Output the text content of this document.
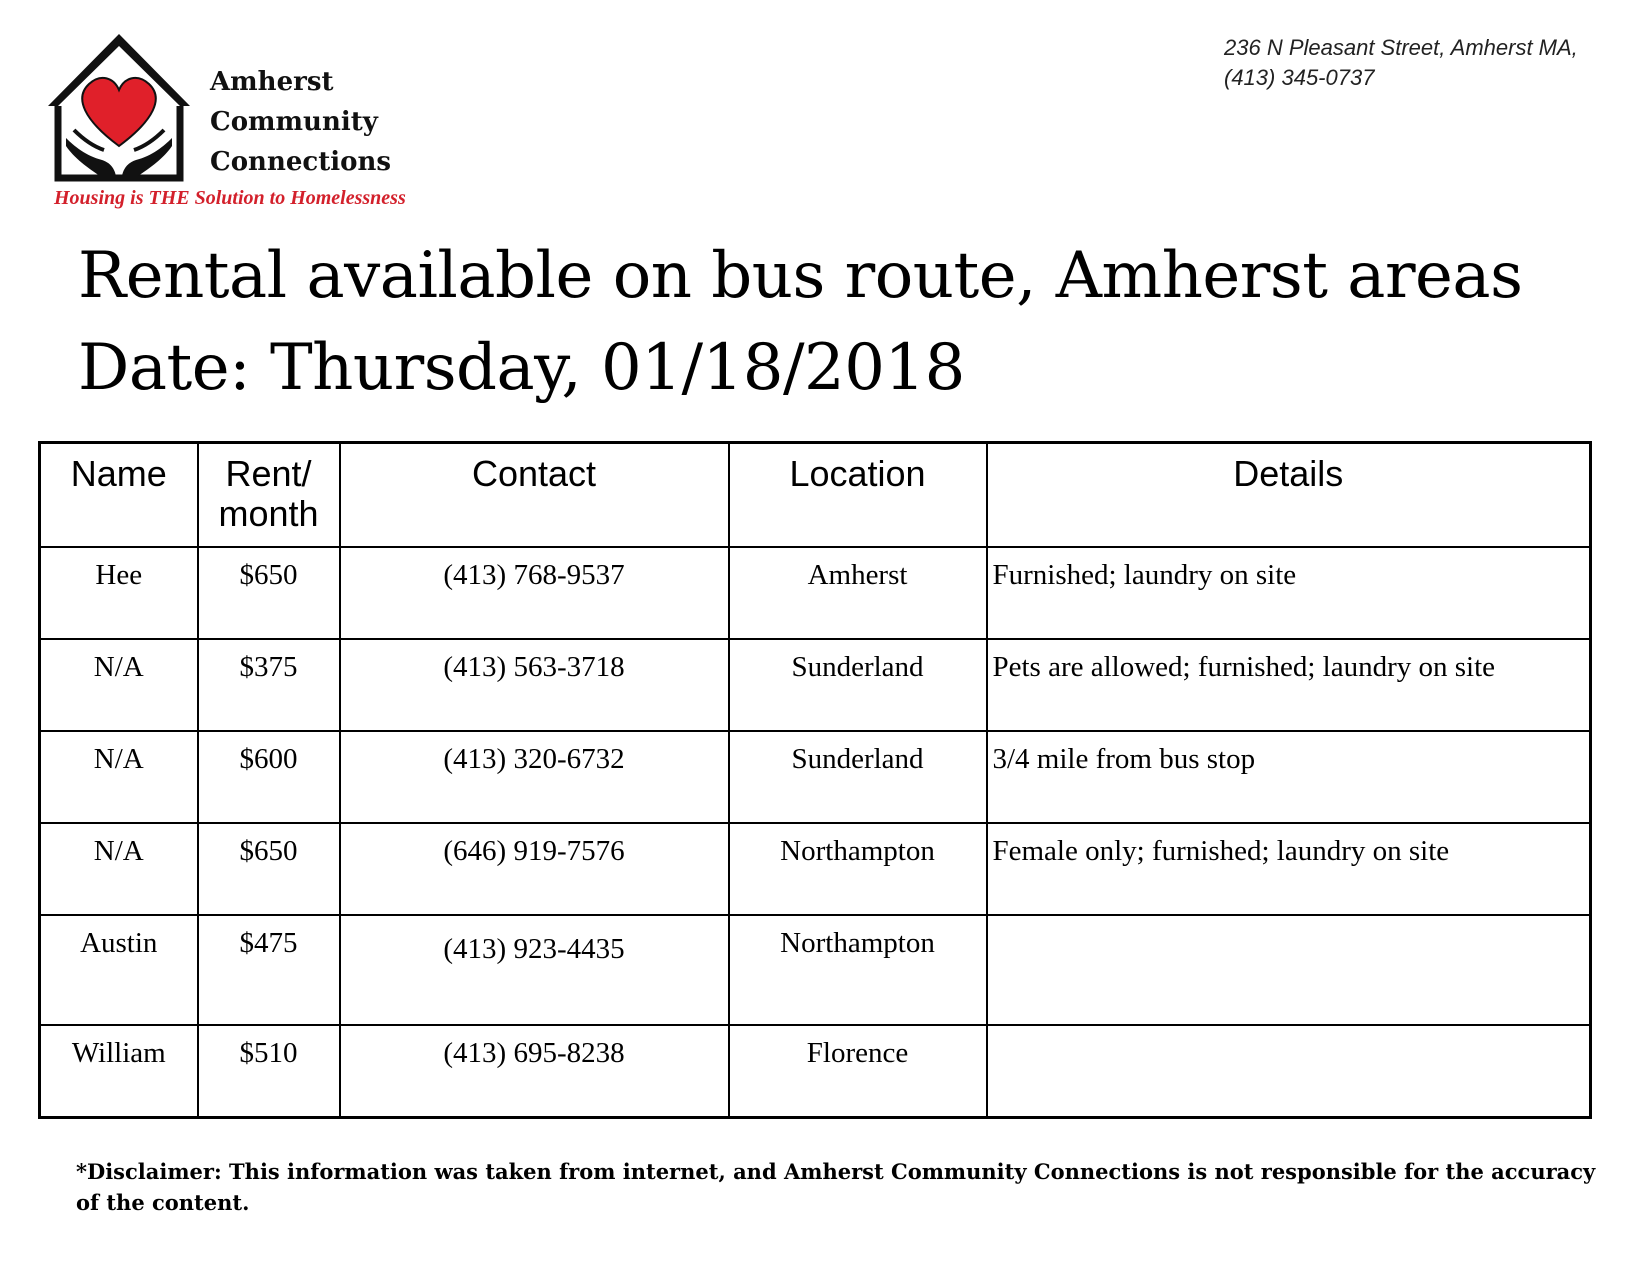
Amherst
Community
Connections
Housing is THE Solution to Homelessness
236 N Pleasant Street, Amherst MA,
(413) 345-0737
Rental available on bus route, Amherst areas
Date: Thursday, 01/18/2018
Name	Rent/ month	Contact	Location	Details
Hee	$650	(413) 768-9537	Amherst	Furnished; laundry on site
N/A	$375	(413) 563-3718	Sunderland	Pets are allowed; furnished; laundry on site
N/A	$600	(413) 320-6732	Sunderland	3/4 mile from bus stop
N/A	$650	(646) 919-7576	Northampton	Female only; furnished; laundry on site
Austin	$475	(413) 923-4435	Northampton	
William	$510	(413) 695-8238	Florence	
*Disclaimer: This information was taken from internet, and Amherst Community Connections is not responsible for the accuracy of the content.
